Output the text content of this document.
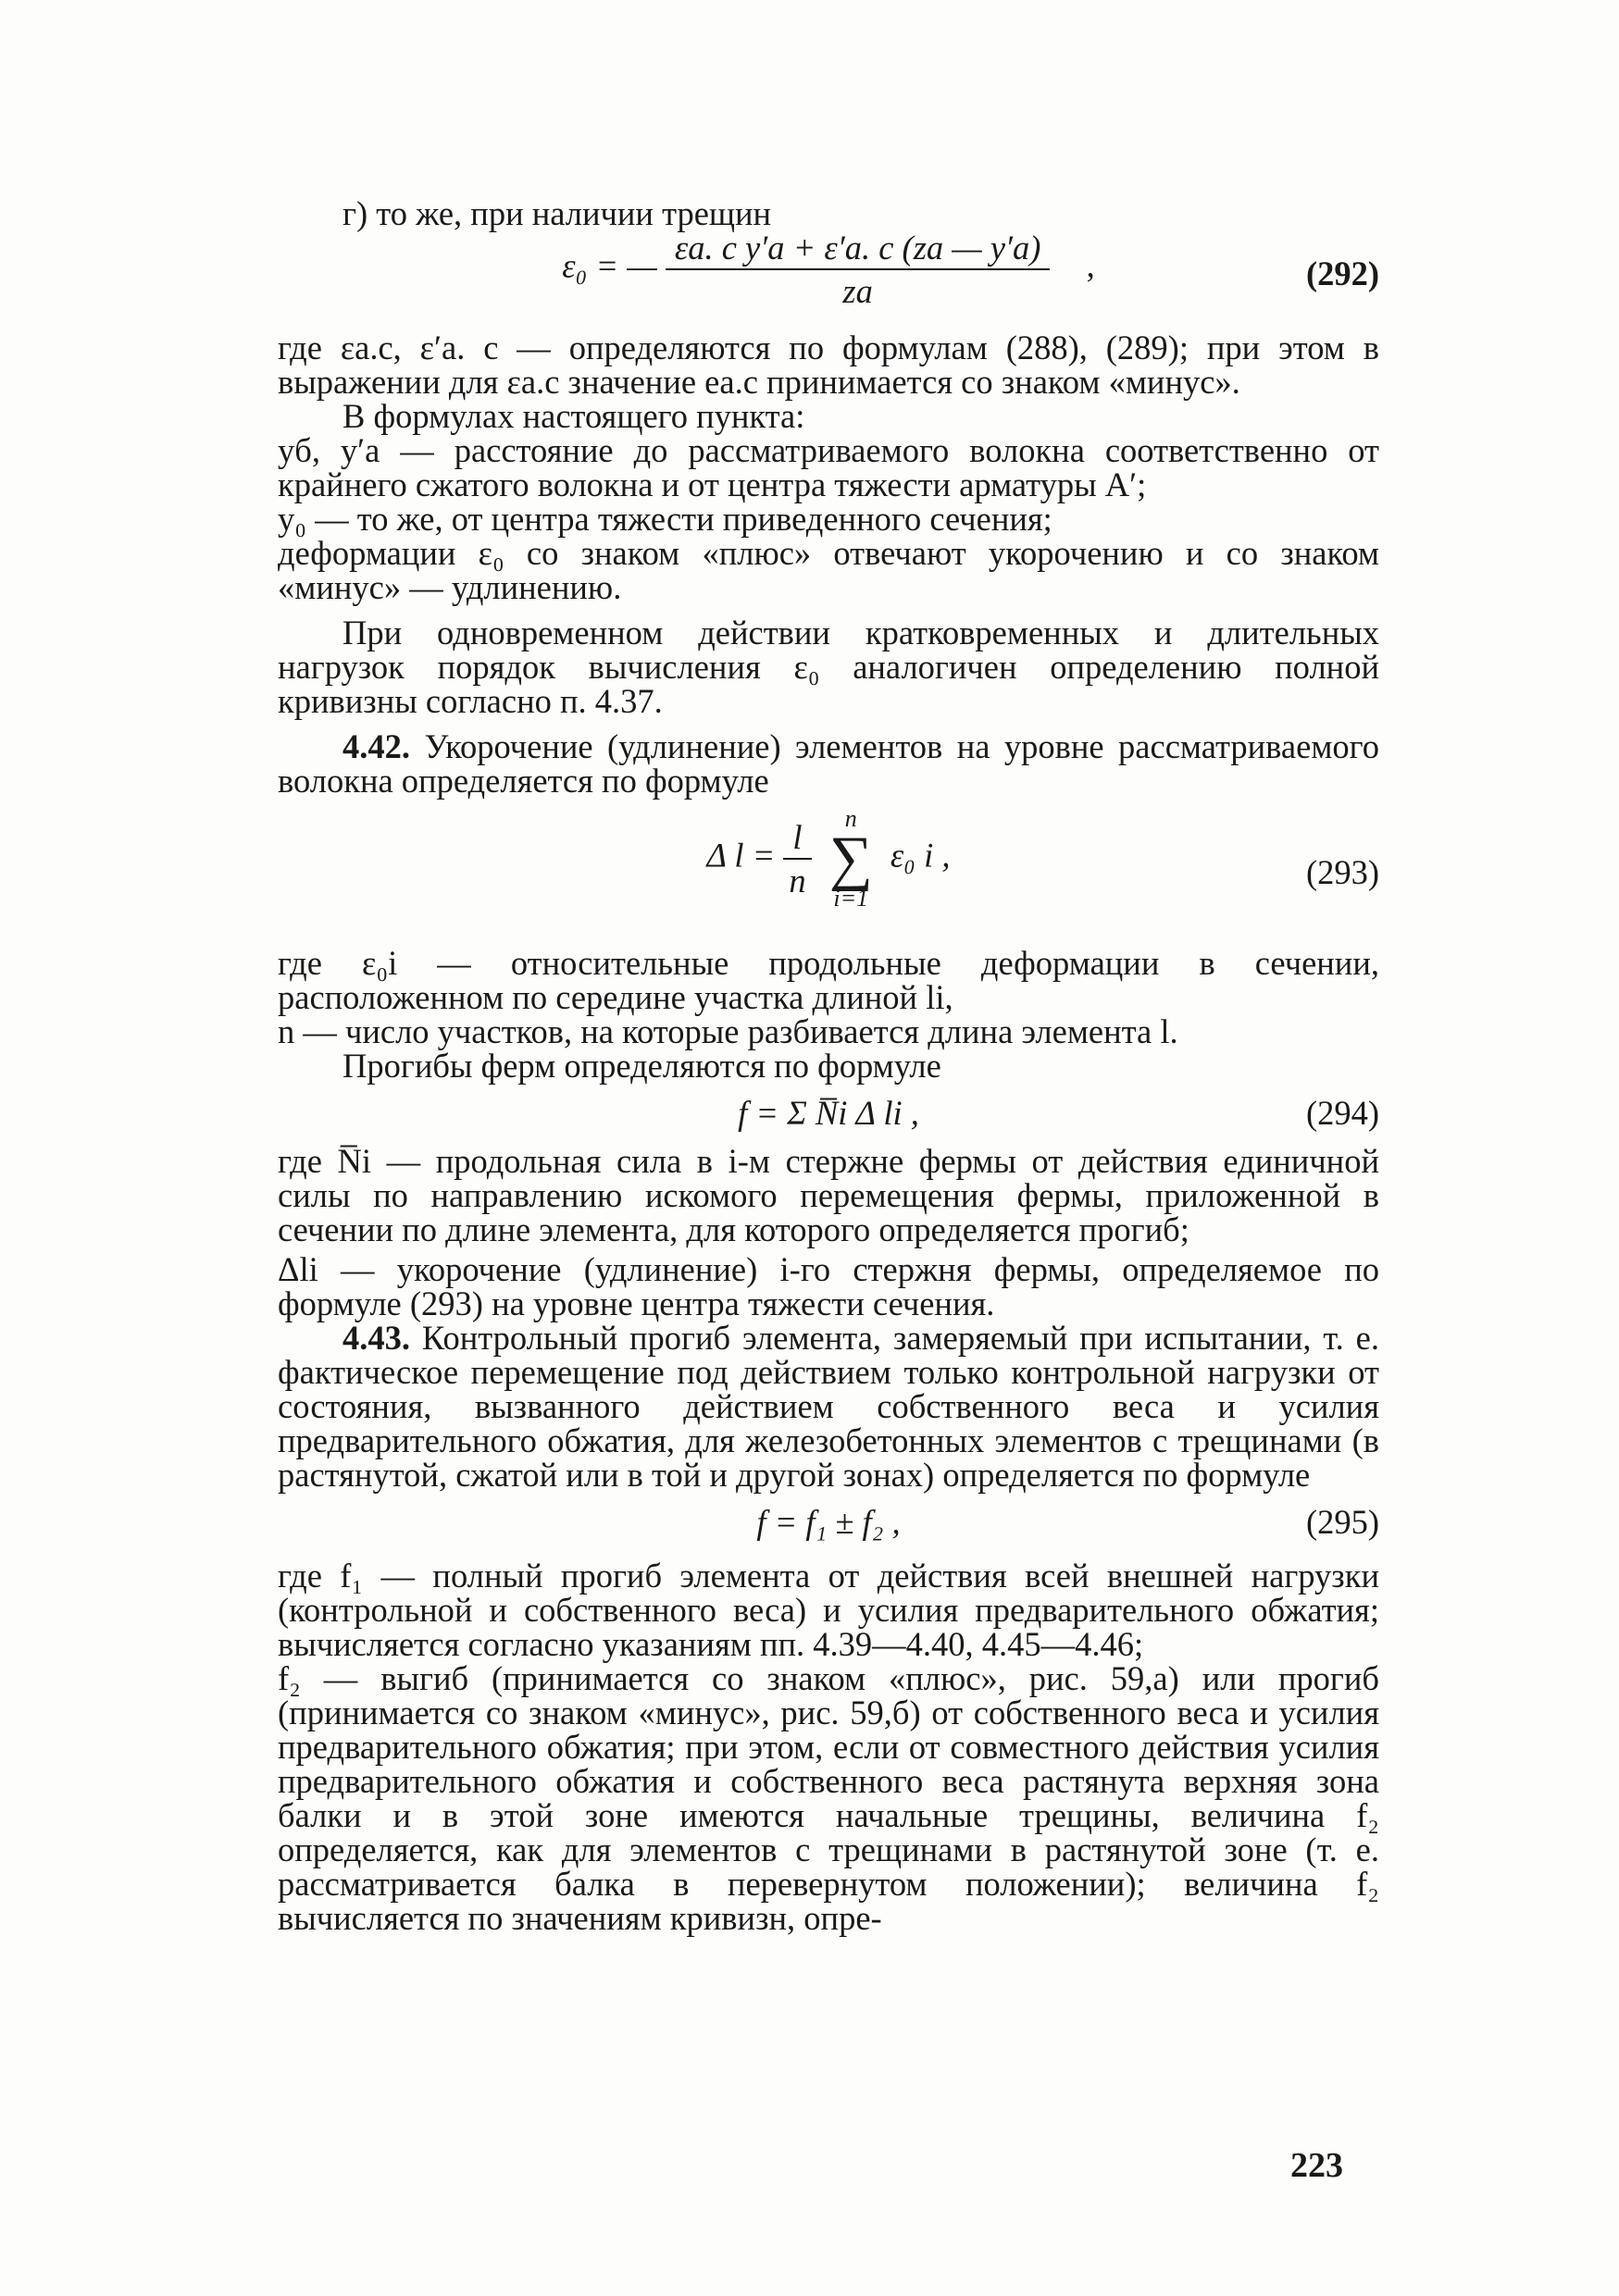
г) то же, при наличии трещин

ε₀ = — $\frac{\text{εа. с y′а + ε′а. с (zа — y′а)}}{zа}$ ,	(292)

где εа.с, ε′а. с — определяются по формулам (288), (289); при этом в выражении для εа.с значение eа.с принимается со знаком «минус».

В формулах настоящего пункта:

yб, y′а — расстояние до рассматриваемого волокна соответственно от крайнего сжатого волокна и от центра тяжести арматуры A′;

y₀ — то же, от центра тяжести приведенного сечения;

деформации ε₀ со знаком «плюс» отвечают укорочению и со знаком «минус» — удлинению.

При одновременном действии кратковременных и длительных нагрузок порядок вычисления ε₀ аналогичен определению полной кривизны согласно п. 4.37.

4.42. Укорочение (удлинение) элементов на уровне рассматриваемого волокна определяется по формуле

Δ $l = \frac{l}{n}$

n
∑
i=1
ε₀ i ,	(293)

где ε₀i — относительные продольные деформации в сечении, расположенном по середине участка длиной li,

n — число участков, на которые разбивается длина элемента l.

Прогибы ферм определяются по формуле

f = Σ N̅i Δ li ,	(294)

где N̅i — продольная сила в i-м стержне фермы от действия единичной силы по направлению искомого перемещения фермы, приложенной в сечении по длине элемента, для которого определяется прогиб;

Δli — укорочение (удлинение) i-го стержня фермы, определяемое по формуле (293) на уровне центра тяжести сечения.

4.43. Контрольный прогиб элемента, замеряемый при испытании, т. е. фактическое перемещение под действием только контрольной нагрузки от состояния, вызванного действием собственного веса и усилия предварительного обжатия, для железобетонных элементов с трещинами (в растянутой, сжатой или в той и другой зонах) определяется по формуле

f = f₁ ± f₂ ,	(295)

где f₁ — полный прогиб элемента от действия всей внешней нагрузки (контрольной и собственного веса) и усилия предварительного обжатия; вычисляется согласно указаниям пп. 4.39—4.40, 4.45—4.46;

f₂ — выгиб (принимается со знаком «плюс», рис. 59,а) или прогиб (принимается со знаком «минус», рис. 59,б) от собственного веса и усилия предварительного обжатия; при этом, если от совместного действия усилия предварительного обжатия и собственного веса растянута верхняя зона балки и в этой зоне имеются начальные трещины, величина f₂ определяется, как для элементов с трещинами в растянутой зоне (т. е. рассматривается балка в перевернутом положении); величина f₂ вычисляется по значениям кривизн, опре-

223
